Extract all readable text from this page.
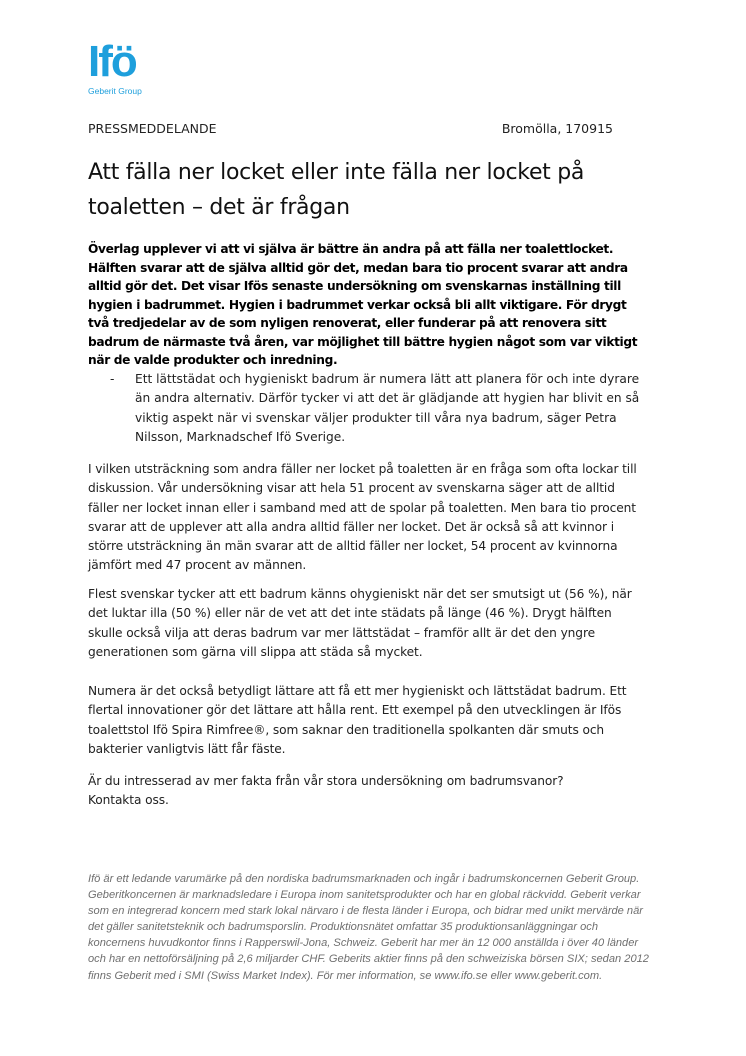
Ifö
Geberit Group
PRESSMEDDELANDE	Bromölla, 170915
Att fälla ner locket eller inte fälla ner locket på toaletten – det är frågan

Överlag upplever vi att vi själva är bättre än andra på att fälla ner toalettlocket. Hälften svarar att de själva alltid gör det, medan bara tio procent svarar att andra alltid gör det. Det visar Ifös senaste undersökning om svenskarnas inställning till hygien i badrummet. Hygien i badrummet verkar också bli allt viktigare. För drygt två tredjedelar av de som nyligen renoverat, eller funderar på att renovera sitt badrum de närmaste två åren, var möjlighet till bättre hygien något som var viktigt när de valde produkter och inredning.

- Ett lättstädat och hygieniskt badrum är numera lätt att planera för och inte dyrare än andra alternativ. Därför tycker vi att det är glädjande att hygien har blivit en så viktig aspekt när vi svenskar väljer produkter till våra nya badrum, säger Petra Nilsson, Marknadschef Ifö Sverige.

I vilken utsträckning som andra fäller ner locket på toaletten är en fråga som ofta lockar till diskussion. Vår undersökning visar att hela 51 procent av svenskarna säger att de alltid fäller ner locket innan eller i samband med att de spolar på toaletten. Men bara tio procent svarar att de upplever att alla andra alltid fäller ner locket. Det är också så att kvinnor i större utsträckning än män svarar att de alltid fäller ner locket, 54 procent av kvinnorna jämfört med 47 procent av männen.

Flest svenskar tycker att ett badrum känns ohygieniskt när det ser smutsigt ut (56 %), när det luktar illa (50 %) eller när de vet att det inte städats på länge (46 %). Drygt hälften skulle också vilja att deras badrum var mer lättstädat – framför allt är det den yngre generationen som gärna vill slippa att städa så mycket.

Numera är det också betydligt lättare att få ett mer hygieniskt och lättstädat badrum. Ett flertal innovationer gör det lättare att hålla rent. Ett exempel på den utvecklingen är Ifös toalettstol Ifö Spira Rimfree®, som saknar den traditionella spolkanten där smuts och bakterier vanligtvis lätt får fäste.

Är du intresserad av mer fakta från vår stora undersökning om badrumsvanor?
Kontakta oss.

Ifö är ett ledande varumärke på den nordiska badrumsmarknaden och ingår i badrumskoncernen Geberit Group. Geberitkoncernen är marknadsledare i Europa inom sanitetsprodukter och har en global räckvidd. Geberit verkar som en integrerad koncern med stark lokal närvaro i de flesta länder i Europa, och bidrar med unikt mervärde när det gäller sanitetsteknik och badrumsporslin. Produktionsnätet omfattar 35 produktionsanläggningar och koncernens huvudkontor finns i Rapperswil-Jona, Schweiz. Geberit har mer än 12 000 anställda i över 40 länder och har en nettoförsäljning på 2,6 miljarder CHF. Geberits aktier finns på den schweiziska börsen SIX; sedan 2012 finns Geberit med i SMI (Swiss Market Index). För mer information, se www.ifo.se eller www.geberit.com.
